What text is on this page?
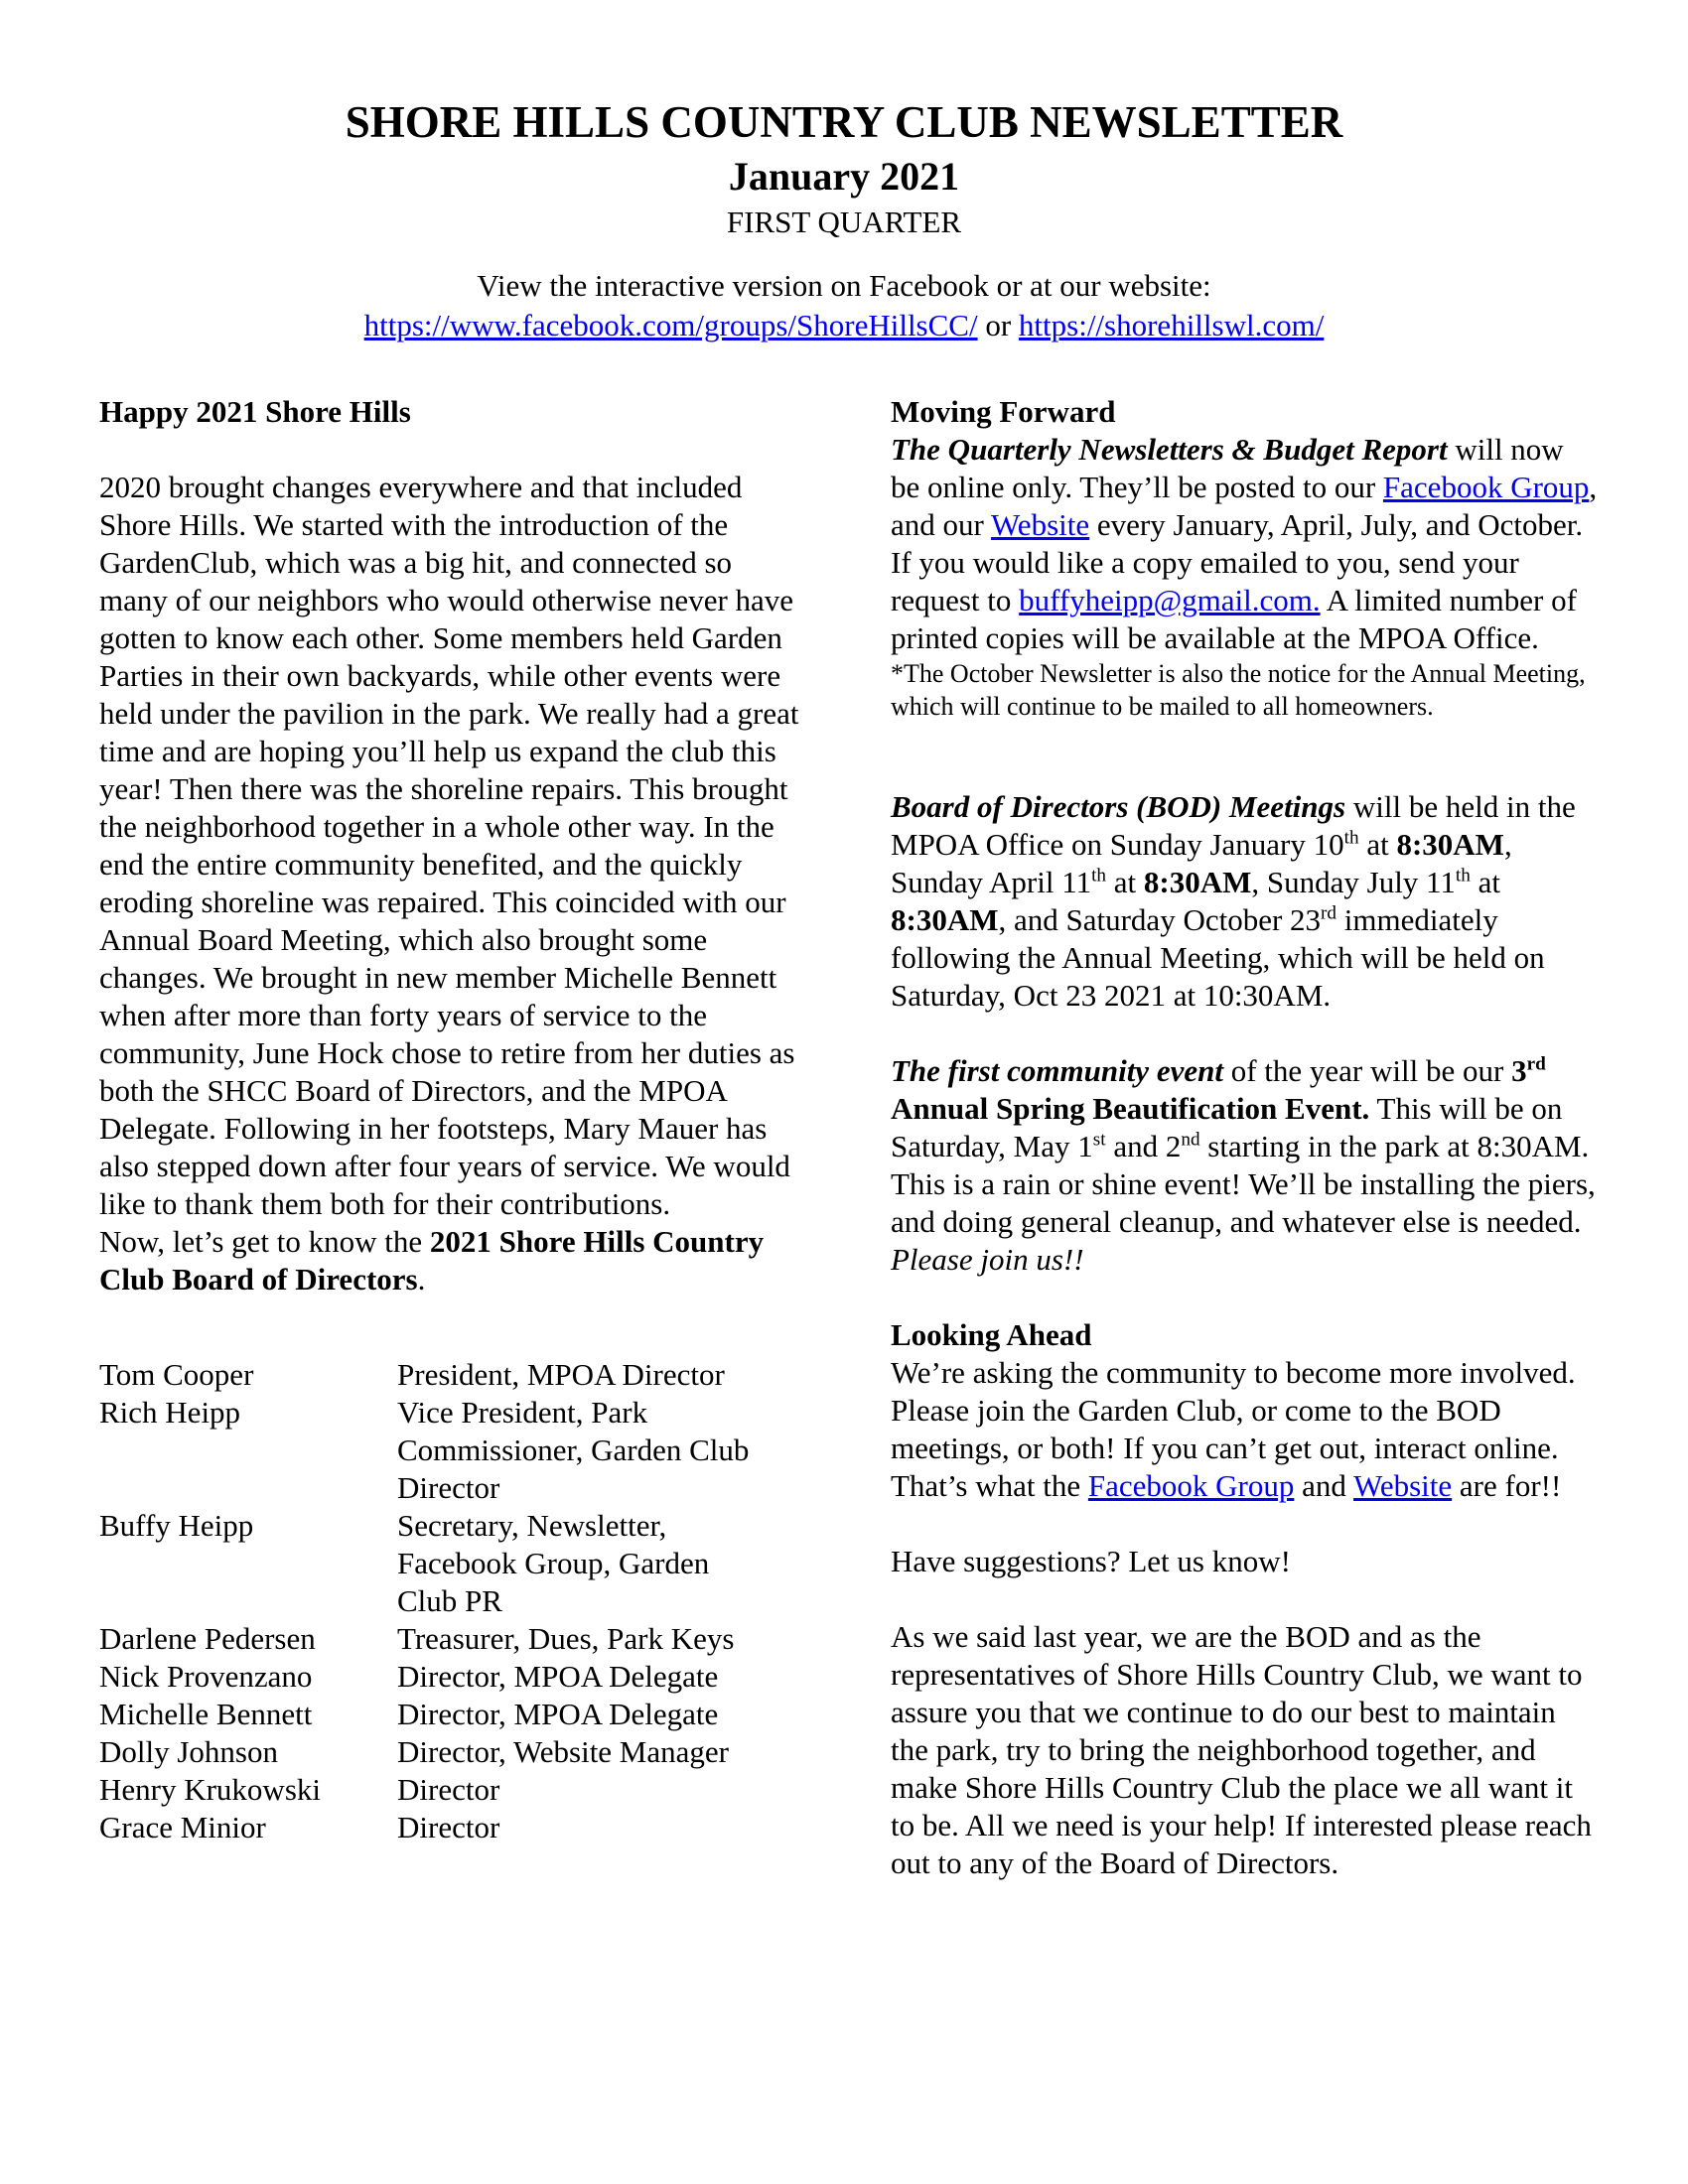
SHORE HILLS COUNTRY CLUB NEWSLETTER
January 2021
FIRST QUARTER
View the interactive version on Facebook or at our website:
https://www.facebook.com/groups/ShoreHillsCC/ or https://shorehillswl.com/
Happy 2021 Shore Hills
2020 brought changes everywhere and that included Shore Hills. We started with the introduction of the GardenClub, which was a big hit, and connected so many of our neighbors who would otherwise never have gotten to know each other. Some members held Garden Parties in their own backyards, while other events were held under the pavilion in the park. We really had a great time and are hoping you’ll help us expand the club this year! Then there was the shoreline repairs. This brought the neighborhood together in a whole other way. In the end the entire community benefited, and the quickly eroding shoreline was repaired. This coincided with our Annual Board Meeting, which also brought some changes. We brought in new member Michelle Bennett when after more than forty years of service to the community, June Hock chose to retire from her duties as both the SHCC Board of Directors, and the MPOA Delegate. Following in her footsteps, Mary Mauer has also stepped down after four years of service. We would like to thank them both for their contributions.
Now, let’s get to know the 2021 Shore Hills Country Club Board of Directors.
Tom Cooper	President, MPOA Director
Rich Heipp	Vice President, Park Commissioner, Garden Club Director
Buffy Heipp	Secretary, Newsletter, Facebook Group, Garden Club PR
Darlene Pedersen	Treasurer, Dues, Park Keys
Nick Provenzano	Director, MPOA Delegate
Michelle Bennett	Director, MPOA Delegate
Dolly Johnson	Director, Website Manager
Henry Krukowski	Director
Grace Minior	Director
Moving Forward
The Quarterly Newsletters & Budget Report will now be online only. They’ll be posted to our Facebook Group, and our Website every January, April, July, and October. If you would like a copy emailed to you, send your request to buffyheipp@gmail.com. A limited number of printed copies will be available at the MPOA Office.
*The October Newsletter is also the notice for the Annual Meeting, which will continue to be mailed to all homeowners.
Board of Directors (BOD) Meetings will be held in the MPOA Office on Sunday January 10th at 8:30AM, Sunday April 11th at 8:30AM, Sunday July 11th at 8:30AM, and Saturday October 23rd immediately following the Annual Meeting, which will be held on Saturday, Oct 23 2021 at 10:30AM.
The first community event of the year will be our 3rd Annual Spring Beautification Event. This will be on Saturday, May 1st and 2nd starting in the park at 8:30AM. This is a rain or shine event! We’ll be installing the piers, and doing general cleanup, and whatever else is needed. Please join us!!
Looking Ahead
We’re asking the community to become more involved. Please join the Garden Club, or come to the BOD meetings, or both! If you can’t get out, interact online. That’s what the Facebook Group and Website are for!!
Have suggestions? Let us know!
As we said last year, we are the BOD and as the representatives of Shore Hills Country Club, we want to assure you that we continue to do our best to maintain the park, try to bring the neighborhood together, and make Shore Hills Country Club the place we all want it to be. All we need is your help! If interested please reach out to any of the Board of Directors.
